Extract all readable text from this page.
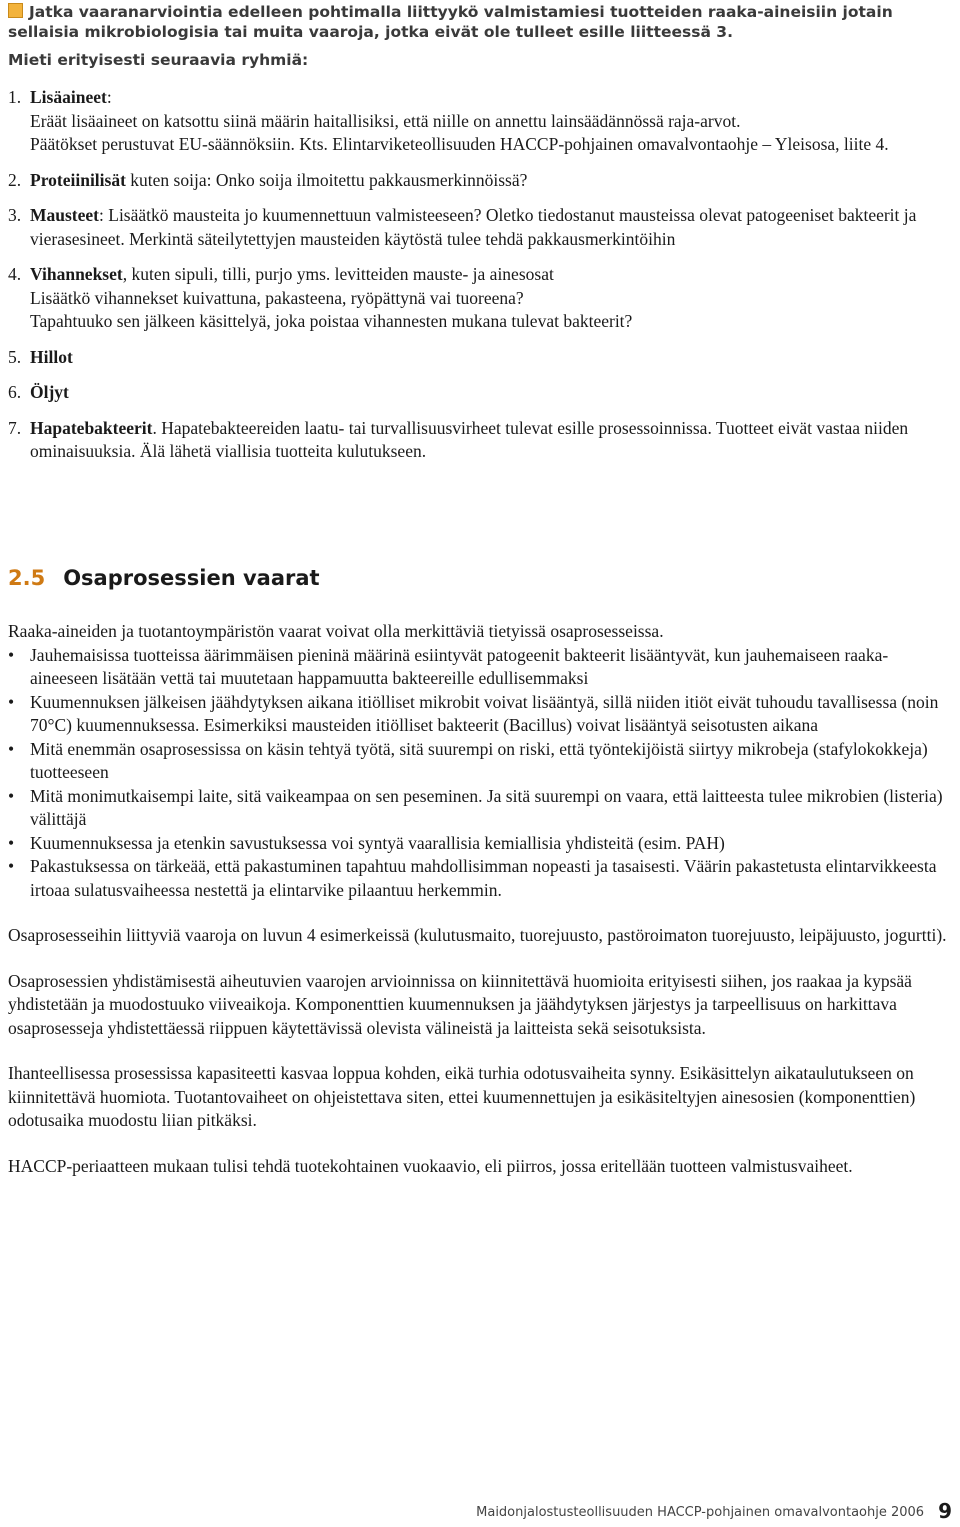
Jatka vaaranarviointia edelleen pohtimalla liittyykö valmistamiesi tuotteiden raaka-aineisiin jotain sellaisia mikrobiologisia tai muita vaaroja, jotka eivät ole tulleet esille liitteessä 3.
Mieti erityisesti seuraavia ryhmiä:
1. Lisäaineet:
Eräät lisäaineet on katsottu siinä määrin haitallisiksi, että niille on annettu lainsäädännössä raja-arvot.
Päätökset perustuvat EU-säännöksiin. Kts. Elintarviketeollisuuden HACCP-pohjainen omavalvontaohje – Yleisosa, liite 4.
2. Proteiinilisät kuten soija: Onko soija ilmoitettu pakkausmerkinnöissä?
3. Mausteet: Lisäätkö mausteita jo kuumennettuun valmisteeseen? Oletko tiedostanut mausteissa olevat patogeeniset bakteerit ja vierasesineet. Merkintä säteilytettyjen mausteiden käytöstä tulee tehdä pakkausmerkintöihin
4. Vihannekset, kuten sipuli, tilli, purjo yms. levitteiden mauste- ja ainesosat
Lisäätkö vihannekset kuivattuna, pakasteena, ryöpättynä vai tuoreena?
Tapahtuuko sen jälkeen käsittelyä, joka poistaa vihannesten mukana tulevat bakteerit?
5. Hillot
6. Öljyt
7. Hapatebakteerit. Hapatebakteereiden laatu- tai turvallisuusvirheet tulevat esille prosessoinnissa. Tuotteet eivät vastaa niiden ominaisuuksia. Älä lähetä viallisia tuotteita kulutukseen.
2.5 Osaprosessien vaarat
Raaka-aineiden ja tuotantoympäristön vaarat voivat olla merkittäviä tietyissä osaprosesseissa.
• Jauhemaisissa tuotteissa äärimmäisen pieninä määrinä esiintyvät patogeenit bakteerit lisääntyvät, kun jauhemaiseen raaka-aineeseen lisätään vettä tai muutetaan happamuutta bakteereille edullisemmaksi
• Kuumennuksen jälkeisen jäähdytyksen aikana itiölliset mikrobit voivat lisääntyä, sillä niiden itiöt eivät tuhoudu tavallisessa (noin 70°C) kuumennuksessa. Esimerkiksi mausteiden itiölliset bakteerit (Bacillus) voivat lisääntyä seisotusten aikana
• Mitä enemmän osaprosessissa on käsin tehtyä työtä, sitä suurempi on riski, että työntekijöistä siirtyy mikrobeja (stafylokokkeja) tuotteeseen
• Mitä monimutkaisempi laite, sitä vaikeampaa on sen peseminen. Ja sitä suurempi on vaara, että laitteesta tulee mikrobien (listeria) välittäjä
• Kuumennuksessa ja etenkin savustuksessa voi syntyä vaarallisia kemiallisia yhdisteitä (esim. PAH)
• Pakastuksessa on tärkeää, että pakastuminen tapahtuu mahdollisimman nopeasti ja tasaisesti. Väärin pakastetusta elintarvikkeesta irtoaa sulatusvaiheessa nestettä ja elintarvike pilaantuu herkemmin.
Osaprosesseihin liittyviä vaaroja on luvun 4 esimerkeissä (kulutusmaito, tuorejuusto, pastöroimaton tuorejuusto, leipäjuusto, jogurtti).
Osaprosessien yhdistämisestä aiheutuvien vaarojen arvioinnissa on kiinnitettävä huomioita erityisesti siihen, jos raakaa ja kypsää yhdistetään ja muodostuuko viiveaikoja. Komponenttien kuumennuksen ja jäähdytyksen järjestys ja tarpeellisuus on harkittava osaprosesseja yhdistettäessä riippuen käytettävissä olevista välineistä ja laitteista sekä seisotuksista.
Ihanteellisessa prosessissa kapasiteetti kasvaa loppua kohden, eikä turhia odotusvaiheita synny. Esikäsittelyn aikataulutukseen on kiinnitettävä huomiota. Tuotantovaiheet on ohjeistettava siten, ettei kuumennettujen ja esikäsiteltyjen ainesosien (komponenttien) odotusaika muodostu liian pitkäksi.
HACCP-periaatteen mukaan tulisi tehdä tuotekohtainen vuokaavio, eli piirros, jossa eritellään tuotteen valmistusvaiheet.
Maidonjalostusteollisuuden HACCP-pohjainen omavalvontaohje 2006 9
